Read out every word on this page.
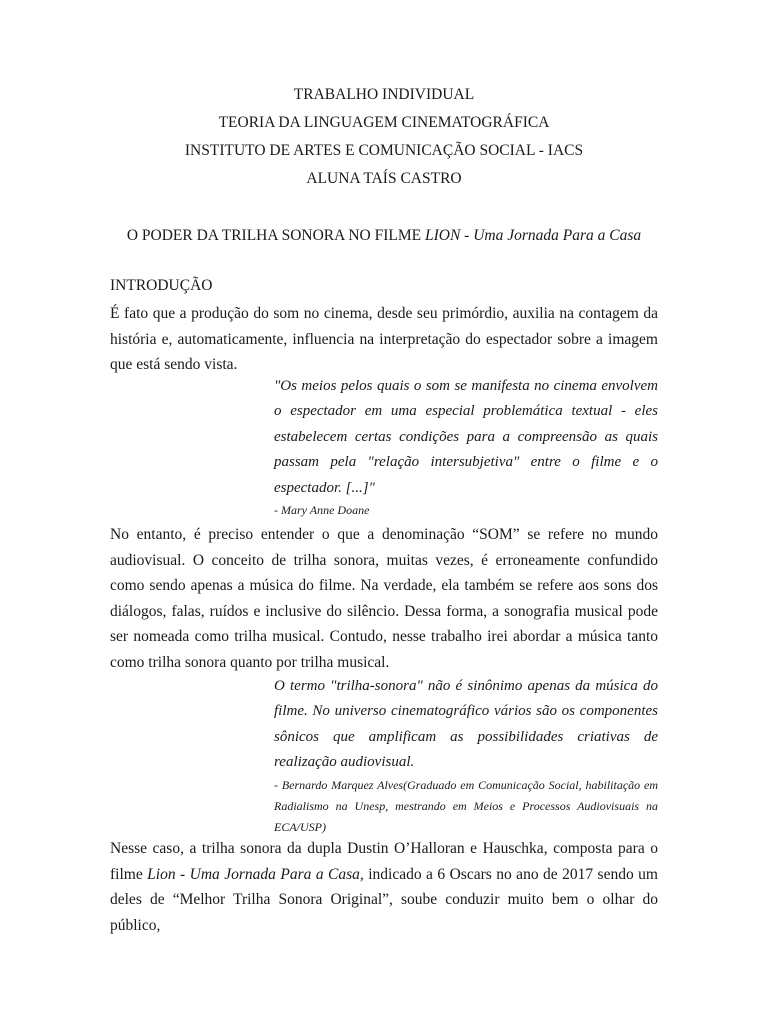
TRABALHO INDIVIDUAL
TEORIA DA LINGUAGEM CINEMATOGRÁFICA
INSTITUTO DE ARTES E COMUNICAÇÃO SOCIAL - IACS
ALUNA TAÍS CASTRO
O PODER DA TRILHA SONORA NO FILME LION - Uma Jornada Para a Casa
INTRODUÇÃO

É fato que a produção do som no cinema, desde seu primórdio, auxilia na contagem da história e, automaticamente, influencia na interpretação do espectador sobre a imagem que está sendo vista.

"Os meios pelos quais o som se manifesta no cinema envolvem o espectador em uma especial problemática textual - eles estabelecem certas condições para a compreensão as quais passam pela "relação intersubjetiva" entre o filme e o espectador. [...]"

- Mary Anne Doane

No entanto, é preciso entender o que a denominação “SOM” se refere no mundo audiovisual. O conceito de trilha sonora, muitas vezes, é erroneamente confundido como sendo apenas a música do filme. Na verdade, ela também se refere aos sons dos diálogos, falas, ruídos e inclusive do silêncio. Dessa forma, a sonografia musical pode ser nomeada como trilha musical. Contudo, nesse trabalho irei abordar a música tanto como trilha sonora quanto por trilha musical.

O termo "trilha-sonora" não é sinônimo apenas da música do filme. No universo cinematográfico vários são os componentes sônicos que amplificam as possibilidades criativas de realização audiovisual.

- Bernardo Marquez Alves(Graduado em Comunicação Social, habilitação em Radialismo na Unesp, mestrando em Meios e Processos Audiovisuais na ECA/USP)

Nesse caso, a trilha sonora da dupla Dustin O’Halloran e Hauschka, composta para o filme Lion - Uma Jornada Para a Casa, indicado a 6 Oscars no ano de 2017 sendo um deles de “Melhor Trilha Sonora Original”, soube conduzir muito bem o olhar do público,
